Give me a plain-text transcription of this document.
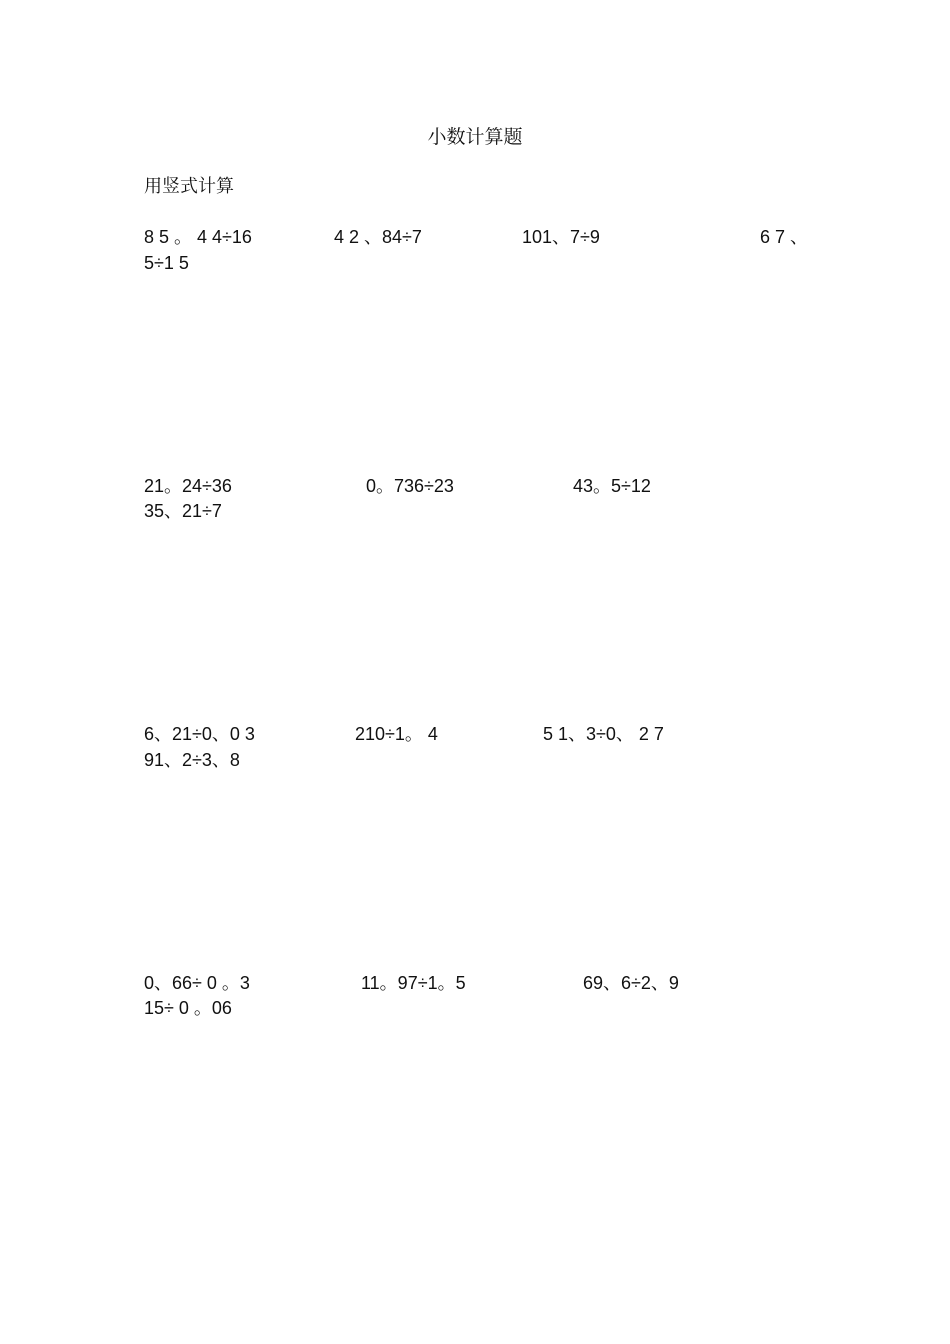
小数计算题
用竖式计算
8 5 。 4 4÷16	4 2 、84÷7	101、7÷9	6 7 、
5÷1 5
21。24÷36	0。736÷23	43。5÷12
35、21÷7
6、21÷0、0 3	210÷1。 4	5 1、3÷0、 2 7
91、2÷3、8
0、66÷ 0 。3	11。97÷1。5	69、6÷2、9
15÷ 0 。06
